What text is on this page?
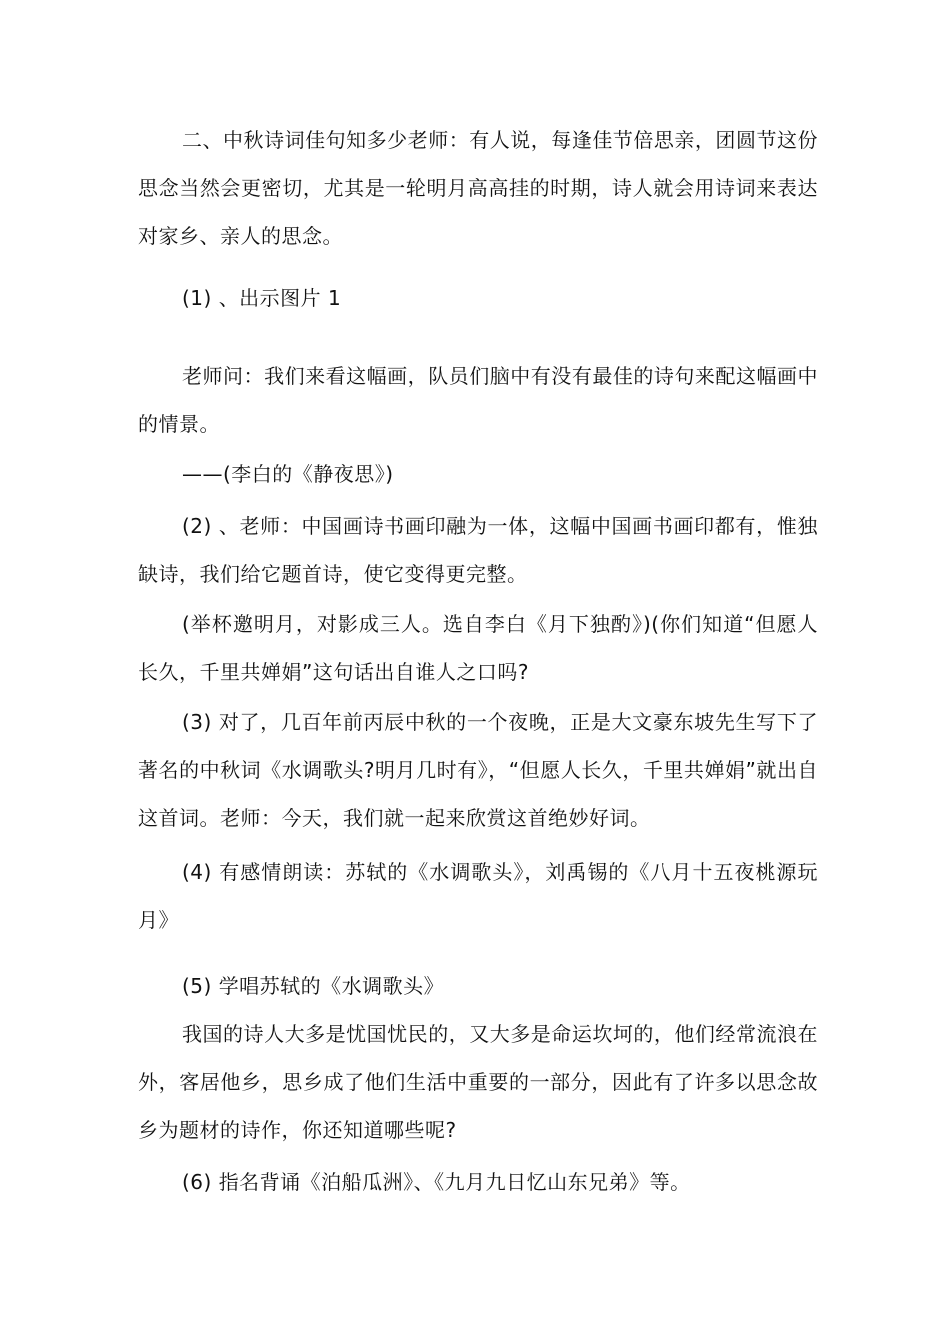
二、中秋诗词佳句知多少老师：有人说，每逢佳节倍思亲，团圆节这份思念当然会更密切，尤其是一轮明月高高挂的时期，诗人就会用诗词来表达对家乡、亲人的思念。

(1) 、出示图片 1

老师问：我们来看这幅画，队员们脑中有没有最佳的诗句来配这幅画中的情景。

——(李白的《静夜思》)

(2) 、老师：中国画诗书画印融为一体，这幅中国画书画印都有，惟独缺诗，我们给它题首诗，使它变得更完整。

(举杯邀明月，对影成三人。选自李白《月下独酌》)(你们知道“但愿人长久，千里共婵娟”这句话出自谁人之口吗?

(3) 对了，几百年前丙辰中秋的一个夜晚，正是大文豪东坡先生写下了著名的中秋词《水调歌头?明月几时有》，“但愿人长久，千里共婵娟”就出自这首词。老师：今天，我们就一起来欣赏这首绝妙好词。

(4) 有感情朗读：苏轼的《水调歌头》，刘禹锡的《八月十五夜桃源玩月》

(5) 学唱苏轼的《水调歌头》

我国的诗人大多是忧国忧民的，又大多是命运坎坷的，他们经常流浪在外，客居他乡，思乡成了他们生活中重要的一部分，因此有了许多以思念故乡为题材的诗作，你还知道哪些呢?

(6) 指名背诵《泊船瓜洲》、《九月九日忆山东兄弟》等。
